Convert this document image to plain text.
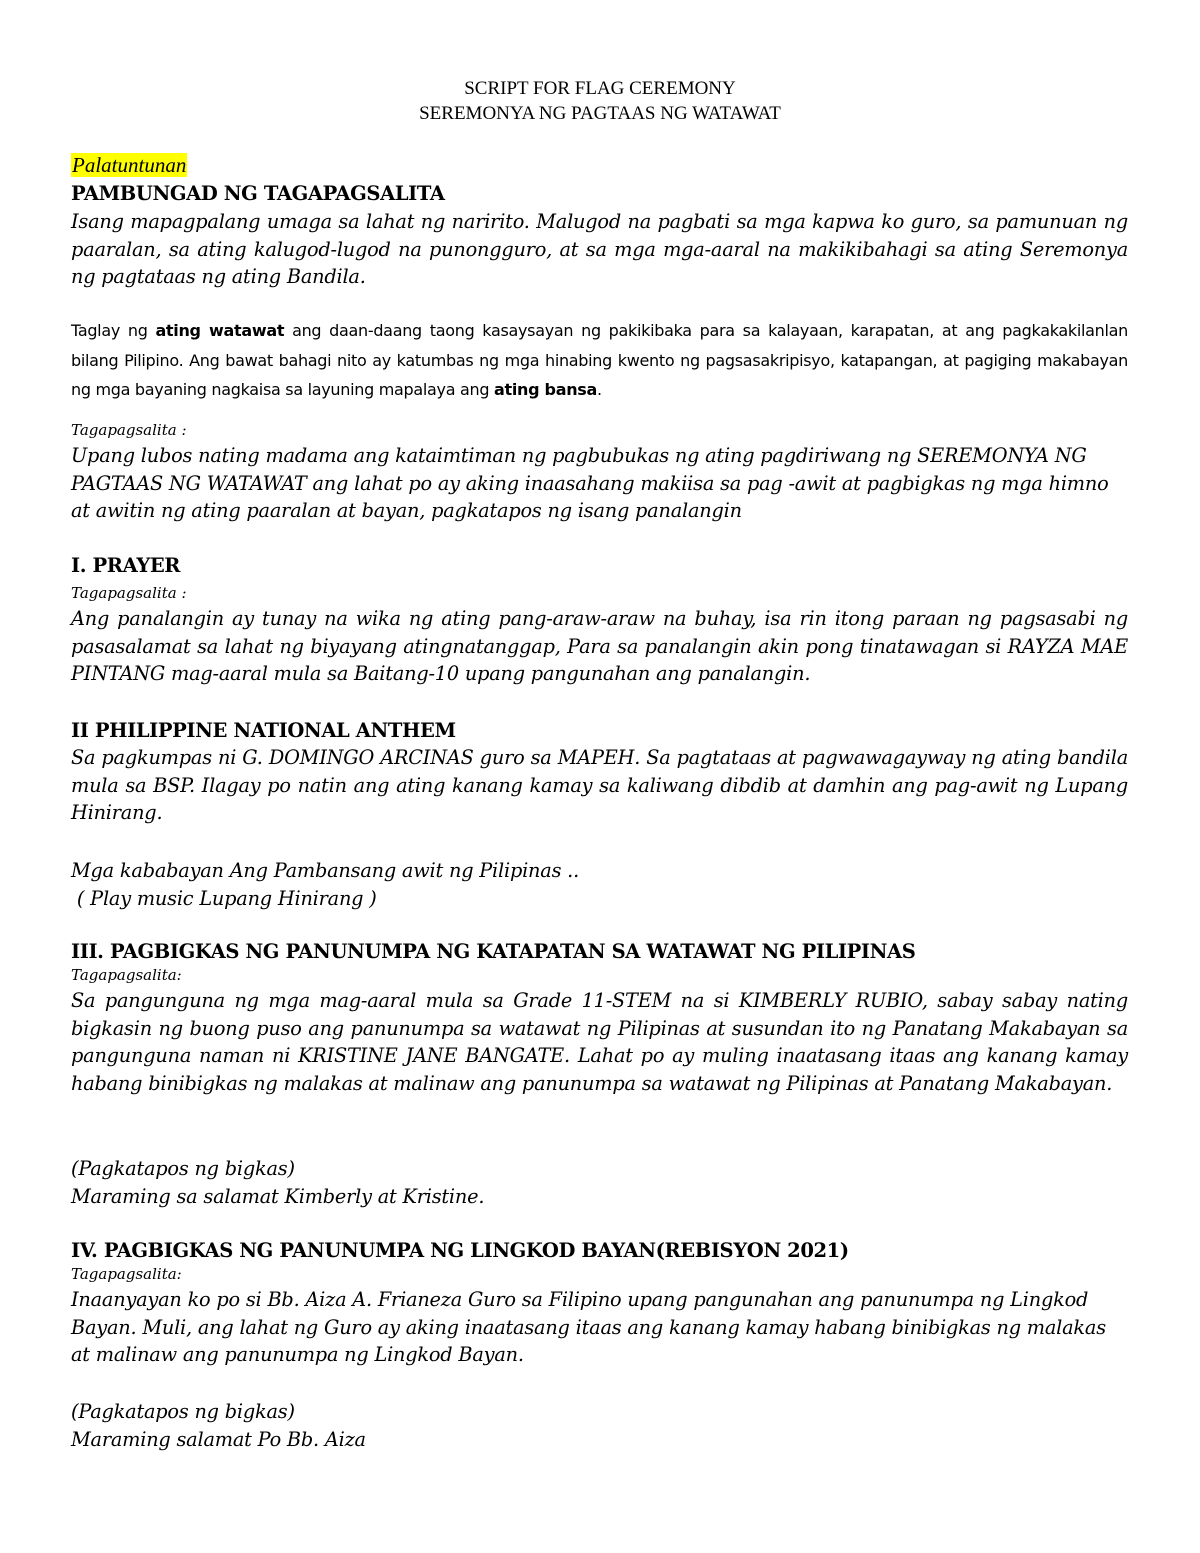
SCRIPT FOR FLAG CEREMONY

SEREMONYA NG PAGTAAS NG WATAWAT

Palatuntunan

PAMBUNGAD NG TAGAPAGSALITA

Isang mapagpalang umaga sa lahat ng naririto. Malugod na pagbati sa mga kapwa ko guro, sa pamunuan ng paaralan, sa ating kalugod-lugod na punongguro, at sa mga mga-aaral na makikibahagi sa ating Seremonya ng pagtataas ng ating Bandila.

Taglay ng ating watawat ang daan-daang taong kasaysayan ng pakikibaka para sa kalayaan, karapatan, at ang pagkakakilanlan bilang Pilipino. Ang bawat bahagi nito ay katumbas ng mga hinabing kwento ng pagsasakripisyo, katapangan, at pagiging makabayan ng mga bayaning nagkaisa sa layuning mapalaya ang ating bansa.

Tagapagsalita :

Upang lubos nating madama ang kataimtiman ng pagbubukas ng ating pagdiriwang ng SEREMONYA NG PAGTAAS NG WATAWAT ang lahat po ay aking inaasahang makiisa sa pag -awit at pagbigkas ng mga himno at awitin ng ating paaralan at bayan, pagkatapos ng isang panalangin

I. PRAYER

Tagapagsalita :

Ang panalangin ay tunay na wika ng ating pang-araw-araw na buhay, isa rin itong paraan ng pagsasabi ng pasasalamat sa lahat ng biyayang atingnatanggap, Para sa panalangin akin pong tinatawagan si RAYZA MAE PINTANG mag-aaral mula sa Baitang-10 upang pangunahan ang panalangin.

II PHILIPPINE NATIONAL ANTHEM

Sa pagkumpas ni G. DOMINGO ARCINAS guro sa MAPEH. Sa pagtataas at pagwawagayway ng ating bandila mula sa BSP. Ilagay po natin ang ating kanang kamay sa kaliwang dibdib at damhin ang pag-awit ng Lupang Hinirang.

Mga kababayan Ang Pambansang awit ng Pilipinas ..

( Play music Lupang Hinirang )

III. PAGBIGKAS NG PANUNUMPA NG KATAPATAN SA WATAWAT NG PILIPINAS

Tagapagsalita:

Sa pangunguna ng mga mag-aaral mula sa Grade 11-STEM na si KIMBERLY RUBIO, sabay sabay nating bigkasin ng buong puso ang panunumpa sa watawat ng Pilipinas at susundan ito ng Panatang Makabayan sa pangunguna naman ni KRISTINE JANE BANGATE. Lahat po ay muling inaatasang itaas ang kanang kamay habang binibigkas ng malakas at malinaw ang panunumpa sa watawat ng Pilipinas at Panatang Makabayan.

(Pagkatapos ng bigkas)

Maraming sa salamat Kimberly at Kristine.

IV. PAGBIGKAS NG PANUNUMPA NG LINGKOD BAYAN(REBISYON 2021)

Tagapagsalita:

Inaanyayan ko po si Bb. Aiza A. Frianeza Guro sa Filipino upang pangunahan ang panunumpa ng Lingkod Bayan. Muli, ang lahat ng Guro ay aking inaatasang itaas ang kanang kamay habang binibigkas ng malakas at malinaw ang panunumpa ng Lingkod Bayan.

(Pagkatapos ng bigkas)

Maraming salamat Po Bb. Aiza
